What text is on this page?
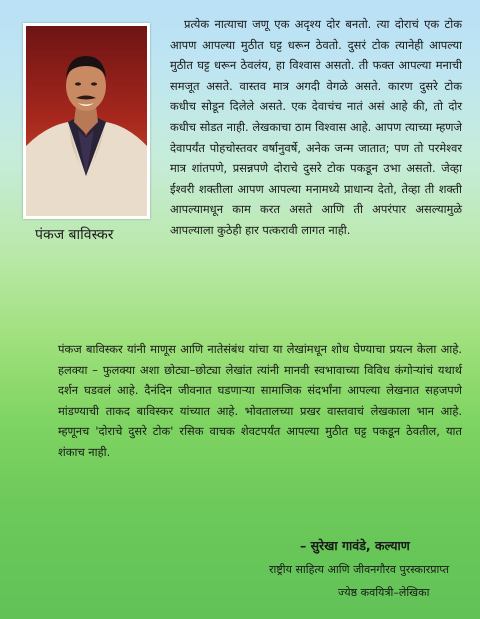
पंकज बाविस्कर

प्रत्येक नात्याचा जणू एक अदृश्य दोर बनतो. त्या दोराचं एक टोक आपण आपल्या मुठीत घट्ट धरून ठेवतो. दुसरं टोक त्यानेही आपल्या मुठीत घट्ट धरून ठेवलंय, हा विश्वास असतो. ती फक्त आपल्या मनाची समजूत असते. वास्तव मात्र अगदी वेगळे असते. कारण दुसरे टोक कधीच सोडून दिलेले असते. एक देवाचंच नातं असं आहे की, तो दोर कधीच सोडत नाही. लेखकाचा ठाम विश्वास आहे. आपण त्याच्या म्हणजे देवापर्यंत पोहचोस्तवर वर्षानुवर्षे, अनेक जन्म जातात; पण तो परमेश्वर मात्र शांतपणे, प्रसन्नपणे दोराचे दुसरे टोक पकडून उभा असतो. जेव्हा ईश्वरी शक्तीला आपण आपल्या मनामध्ये प्राधान्य देतो, तेव्हा ती शक्ती आपल्यामधून काम करत असते आणि ती अपरंपार असल्यामुळे आपल्याला कुठेही हार पत्करावी लागत नाही.

पंकज बाविस्कर यांनी माणूस आणि नातेसंबंध यांचा या लेखांमधून शोध घेण्याचा प्रयत्न केला आहे. हलक्या – फुलक्या अशा छोट्या–छोट्या लेखांत त्यांनी मानवी स्वभावाच्या विविध कंगोऱ्यांचं यथार्थ दर्शन घडवलं आहे. दैनंदिन जीवनात घडणाऱ्या सामाजिक संदर्भांना आपल्या लेखनात सहजपणे मांडण्याची ताकद बाविस्कर यांच्यात आहे. भोवतालच्या प्रखर वास्तवाचं लेखकाला भान आहे. म्हणूनच 'दोराचे दुसरे टोक' रसिक वाचक शेवटपर्यंत आपल्या मुठीत घट्ट पकडून ठेवतील, यात शंकाच नाही.

– सुरेखा गावंडे, कल्याण
राष्ट्रीय साहित्य आणि जीवनगौरव पुरस्कारप्राप्त
ज्येष्ठ कवयित्री–लेखिका
